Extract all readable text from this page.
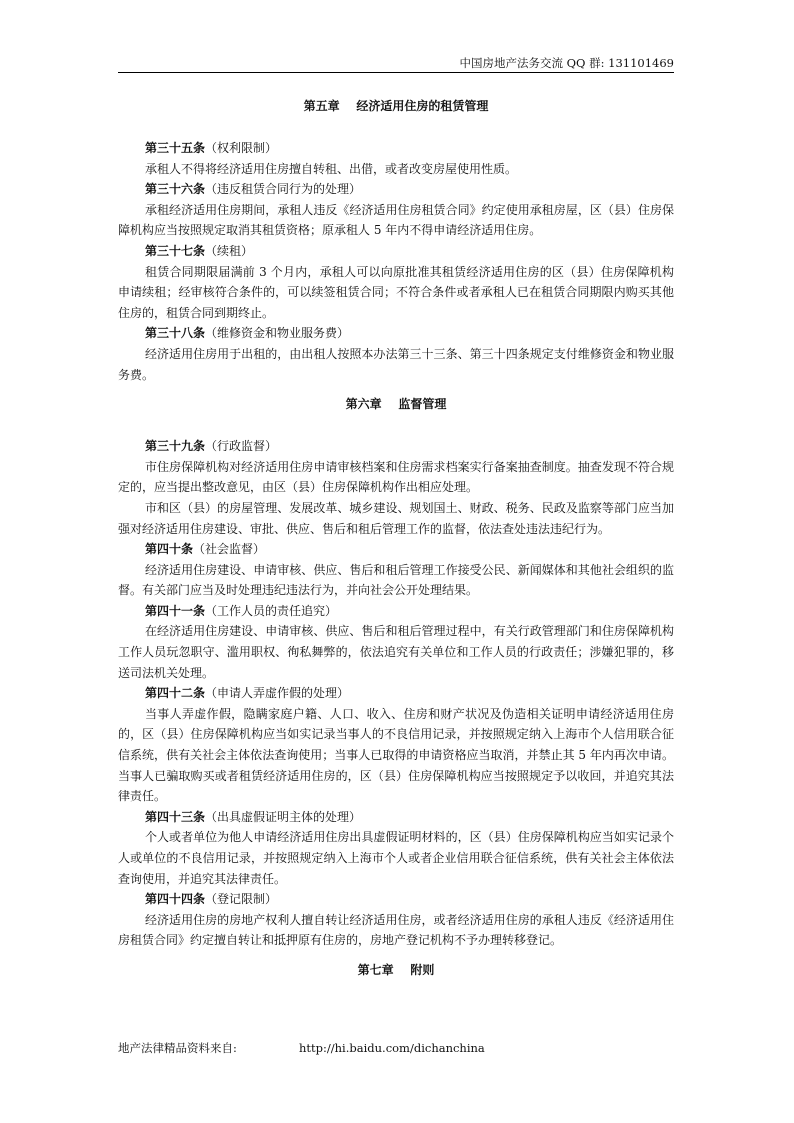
中国房地产法务交流 QQ 群: 131101469

第五章    经济适用住房的租赁管理

第三十五条（权利限制）

承租人不得将经济适用住房擅自转租、出借，或者改变房屋使用性质。

第三十六条（违反租赁合同行为的处理）

承租经济适用住房期间，承租人违反《经济适用住房租赁合同》约定使用承租房屋，区（县）住房保障机构应当按照规定取消其租赁资格；原承租人 5 年内不得申请经济适用住房。

第三十七条（续租）

租赁合同期限届满前 3 个月内，承租人可以向原批准其租赁经济适用住房的区（县）住房保障机构申请续租；经审核符合条件的，可以续签租赁合同；不符合条件或者承租人已在租赁合同期限内购买其他住房的，租赁合同到期终止。

第三十八条（维修资金和物业服务费）

经济适用住房用于出租的，由出租人按照本办法第三十三条、第三十四条规定支付维修资金和物业服务费。

第六章    监督管理

第三十九条（行政监督）

市住房保障机构对经济适用住房申请审核档案和住房需求档案实行备案抽查制度。抽查发现不符合规定的，应当提出整改意见，由区（县）住房保障机构作出相应处理。

市和区（县）的房屋管理、发展改革、城乡建设、规划国土、财政、税务、民政及监察等部门应当加强对经济适用住房建设、审批、供应、售后和租后管理工作的监督，依法查处违法违纪行为。

第四十条（社会监督）

经济适用住房建设、申请审核、供应、售后和租后管理工作接受公民、新闻媒体和其他社会组织的监督。有关部门应当及时处理违纪违法行为，并向社会公开处理结果。

第四十一条（工作人员的责任追究）

在经济适用住房建设、申请审核、供应、售后和租后管理过程中，有关行政管理部门和住房保障机构工作人员玩忽职守、滥用职权、徇私舞弊的，依法追究有关单位和工作人员的行政责任；涉嫌犯罪的，移送司法机关处理。

第四十二条（申请人弄虚作假的处理）

当事人弄虚作假，隐瞒家庭户籍、人口、收入、住房和财产状况及伪造相关证明申请经济适用住房的，区（县）住房保障机构应当如实记录当事人的不良信用记录，并按照规定纳入上海市个人信用联合征信系统，供有关社会主体依法查询使用；当事人已取得的申请资格应当取消，并禁止其 5 年内再次申请。当事人已骗取购买或者租赁经济适用住房的，区（县）住房保障机构应当按照规定予以收回，并追究其法律责任。

第四十三条（出具虚假证明主体的处理）

个人或者单位为他人申请经济适用住房出具虚假证明材料的，区（县）住房保障机构应当如实记录个人或单位的不良信用记录，并按照规定纳入上海市个人或者企业信用联合征信系统，供有关社会主体依法查询使用，并追究其法律责任。

第四十四条（登记限制）

经济适用住房的房地产权利人擅自转让经济适用住房，或者经济适用住房的承租人违反《经济适用住房租赁合同》约定擅自转让和抵押原有住房的，房地产登记机构不予办理转移登记。

第七章    附则

地产法律精品资料来自:	http://hi.baidu.com/dichanchina
